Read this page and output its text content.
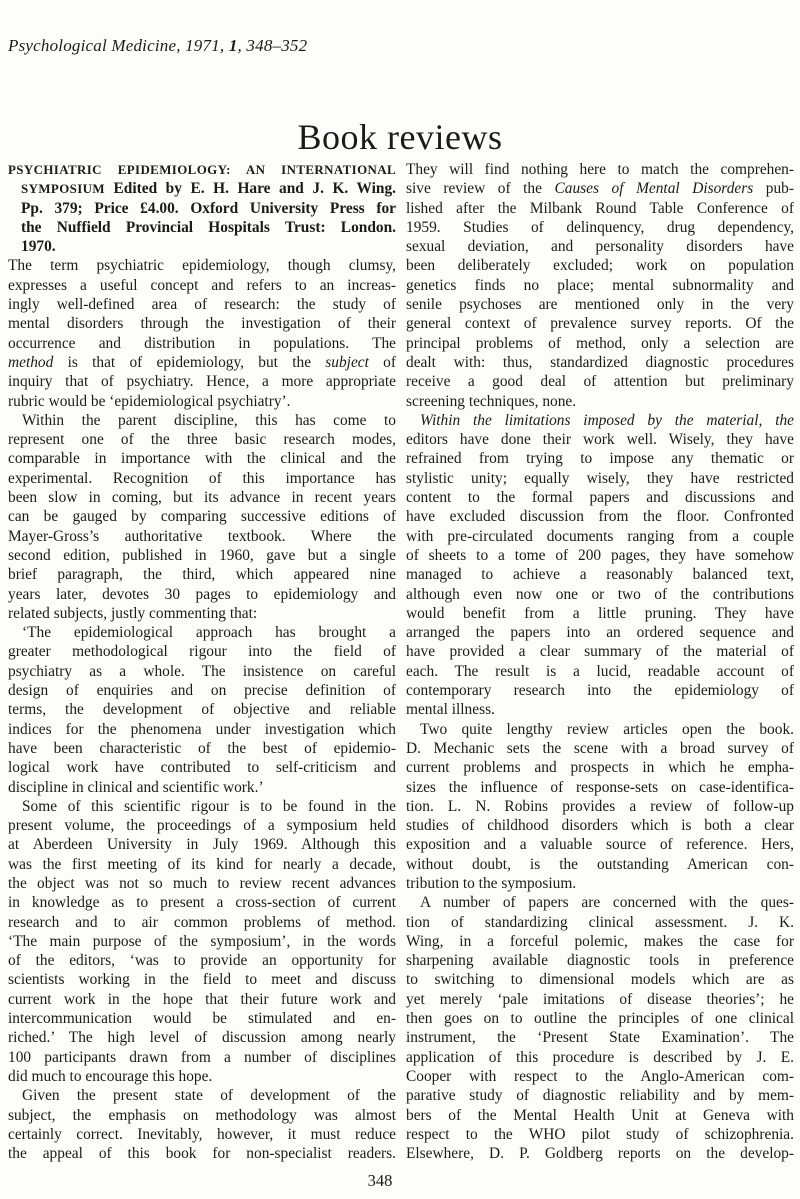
Psychological Medicine, 1971, 1, 348–352
Book reviews
PSYCHIATRIC EPIDEMIOLOGY: AN INTERNATIONAL
SYMPOSIUM Edited by E. H. Hare and J. K. Wing.
Pp. 379; Price £4.00. Oxford University Press for
the Nuffield Provincial Hospitals Trust: London.
1970.
The term psychiatric epidemiology, though clumsy,
expresses a useful concept and refers to an increas-
ingly well-defined area of research: the study of
mental disorders through the investigation of their
occurrence and distribution in populations. The
method is that of epidemiology, but the subject of
inquiry that of psychiatry. Hence, a more appropriate
rubric would be ‘epidemiological psychiatry’.
Within the parent discipline, this has come to
represent one of the three basic research modes,
comparable in importance with the clinical and the
experimental. Recognition of this importance has
been slow in coming, but its advance in recent years
can be gauged by comparing successive editions of
Mayer-Gross’s authoritative textbook. Where the
second edition, published in 1960, gave but a single
brief paragraph, the third, which appeared nine
years later, devotes 30 pages to epidemiology and
related subjects, justly commenting that:
‘The epidemiological approach has brought a
greater methodological rigour into the field of
psychiatry as a whole. The insistence on careful
design of enquiries and on precise definition of
terms, the development of objective and reliable
indices for the phenomena under investigation which
have been characteristic of the best of epidemio-
logical work have contributed to self-criticism and
discipline in clinical and scientific work.’
Some of this scientific rigour is to be found in the
present volume, the proceedings of a symposium held
at Aberdeen University in July 1969. Although this
was the first meeting of its kind for nearly a decade,
the object was not so much to review recent advances
in knowledge as to present a cross-section of current
research and to air common problems of method.
‘The main purpose of the symposium’, in the words
of the editors, ‘was to provide an opportunity for
scientists working in the field to meet and discuss
current work in the hope that their future work and
intercommunication would be stimulated and en-
riched.’ The high level of discussion among nearly
100 participants drawn from a number of disciplines
did much to encourage this hope.
Given the present state of development of the
subject, the emphasis on methodology was almost
certainly correct. Inevitably, however, it must reduce
the appeal of this book for non-specialist readers.
They will find nothing here to match the comprehen-
sive review of the Causes of Mental Disorders pub-
lished after the Milbank Round Table Conference of
1959. Studies of delinquency, drug dependency,
sexual deviation, and personality disorders have
been deliberately excluded; work on population
genetics finds no place; mental subnormality and
senile psychoses are mentioned only in the very
general context of prevalence survey reports. Of the
principal problems of method, only a selection are
dealt with: thus, standardized diagnostic procedures
receive a good deal of attention but preliminary
screening techniques, none.
Within the limitations imposed by the material, the
editors have done their work well. Wisely, they have
refrained from trying to impose any thematic or
stylistic unity; equally wisely, they have restricted
content to the formal papers and discussions and
have excluded discussion from the floor. Confronted
with pre-circulated documents ranging from a couple
of sheets to a tome of 200 pages, they have somehow
managed to achieve a reasonably balanced text,
although even now one or two of the contributions
would benefit from a little pruning. They have
arranged the papers into an ordered sequence and
have provided a clear summary of the material of
each. The result is a lucid, readable account of
contemporary research into the epidemiology of
mental illness.
Two quite lengthy review articles open the book.
D. Mechanic sets the scene with a broad survey of
current problems and prospects in which he empha-
sizes the influence of response-sets on case-identifica-
tion. L. N. Robins provides a review of follow-up
studies of childhood disorders which is both a clear
exposition and a valuable source of reference. Hers,
without doubt, is the outstanding American con-
tribution to the symposium.
A number of papers are concerned with the ques-
tion of standardizing clinical assessment. J. K.
Wing, in a forceful polemic, makes the case for
sharpening available diagnostic tools in preference
to switching to dimensional models which are as
yet merely ‘pale imitations of disease theories’; he
then goes on to outline the principles of one clinical
instrument, the ‘Present State Examination’. The
application of this procedure is described by J. E.
Cooper with respect to the Anglo-American com-
parative study of diagnostic reliability and by mem-
bers of the Mental Health Unit at Geneva with
respect to the WHO pilot study of schizophrenia.
Elsewhere, D. P. Goldberg reports on the develop-
348
